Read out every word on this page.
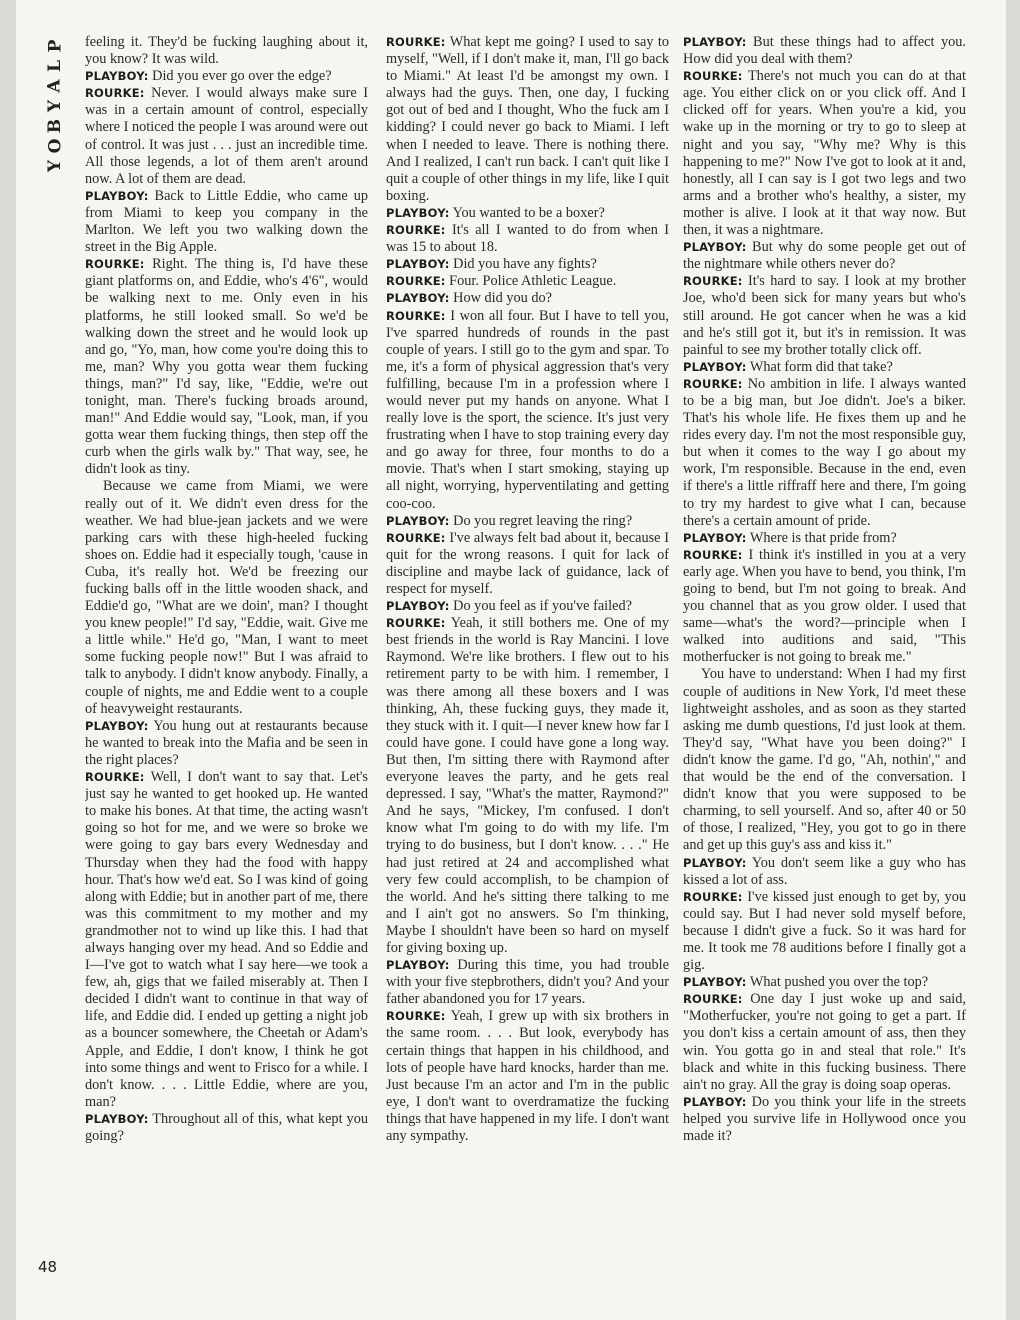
P
L
A
Y
B
O
Y

feeling it. They'd be fucking laughing about it, you know? It was wild.

PLAYBOY: Did you ever go over the edge?

ROURKE: Never. I would always make sure I was in a certain amount of control, especially where I noticed the people I was around were out of control. It was just . . . just an incredible time. All those legends, a lot of them aren't around now. A lot of them are dead.

PLAYBOY: Back to Little Eddie, who came up from Miami to keep you company in the Marlton. We left you two walking down the street in the Big Apple.

ROURKE: Right. The thing is, I'd have these giant platforms on, and Eddie, who's 4'6", would be walking next to me. Only even in his platforms, he still looked small. So we'd be walking down the street and he would look up and go, "Yo, man, how come you're doing this to me, man? Why you gotta wear them fucking things, man?" I'd say, like, "Eddie, we're out tonight, man. There's fucking broads around, man!" And Eddie would say, "Look, man, if you gotta wear them fucking things, then step off the curb when the girls walk by." That way, see, he didn't look as tiny.

Because we came from Miami, we were really out of it. We didn't even dress for the weather. We had blue-jean jackets and we were parking cars with these high-heeled fucking shoes on. Eddie had it especially tough, 'cause in Cuba, it's really hot. We'd be freezing our fucking balls off in the little wooden shack, and Eddie'd go, "What are we doin', man? I thought you knew people!" I'd say, "Eddie, wait. Give me a little while." He'd go, "Man, I want to meet some fucking people now!" But I was afraid to talk to anybody. I didn't know anybody. Finally, a couple of nights, me and Eddie went to a couple of heavyweight restaurants.

PLAYBOY: You hung out at restaurants because he wanted to break into the Mafia and be seen in the right places?

ROURKE: Well, I don't want to say that. Let's just say he wanted to get hooked up. He wanted to make his bones. At that time, the acting wasn't going so hot for me, and we were so broke we were going to gay bars every Wednesday and Thursday when they had the food with happy hour. That's how we'd eat. So I was kind of going along with Eddie; but in another part of me, there was this commitment to my mother and my grandmother not to wind up like this. I had that always hanging over my head. And so Eddie and I—I've got to watch what I say here—we took a few, ah, gigs that we failed miserably at. Then I decided I didn't want to continue in that way of life, and Eddie did. I ended up getting a night job as a bouncer somewhere, the Cheetah or Adam's Apple, and Eddie, I don't know, I think he got into some things and went to Frisco for a while. I don't know. . . . Little Eddie, where are you, man?

PLAYBOY: Throughout all of this, what kept you going?

ROURKE: What kept me going? I used to say to myself, "Well, if I don't make it, man, I'll go back to Miami." At least I'd be amongst my own. I always had the guys. Then, one day, I fucking got out of bed and I thought, Who the fuck am I kidding? I could never go back to Miami. I left when I needed to leave. There is nothing there. And I realized, I can't run back. I can't quit like I quit a couple of other things in my life, like I quit boxing.

PLAYBOY: You wanted to be a boxer?

ROURKE: It's all I wanted to do from when I was 15 to about 18.

PLAYBOY: Did you have any fights?

ROURKE: Four. Police Athletic League.

PLAYBOY: How did you do?

ROURKE: I won all four. But I have to tell you, I've sparred hundreds of rounds in the past couple of years. I still go to the gym and spar. To me, it's a form of physical aggression that's very fulfilling, because I'm in a profession where I would never put my hands on anyone. What I really love is the sport, the science. It's just very frustrating when I have to stop training every day and go away for three, four months to do a movie. That's when I start smoking, staying up all night, worrying, hyperventilating and getting coo-coo.

PLAYBOY: Do you regret leaving the ring?

ROURKE: I've always felt bad about it, because I quit for the wrong reasons. I quit for lack of discipline and maybe lack of guidance, lack of respect for myself.

PLAYBOY: Do you feel as if you've failed?

ROURKE: Yeah, it still bothers me. One of my best friends in the world is Ray Mancini. I love Raymond. We're like brothers. I flew out to his retirement party to be with him. I remember, I was there among all these boxers and I was thinking, Ah, these fucking guys, they made it, they stuck with it. I quit—I never knew how far I could have gone. I could have gone a long way. But then, I'm sitting there with Raymond after everyone leaves the party, and he gets real depressed. I say, "What's the matter, Raymond?" And he says, "Mickey, I'm confused. I don't know what I'm going to do with my life. I'm trying to do business, but I don't know. . . ." He had just retired at 24 and accomplished what very few could accomplish, to be champion of the world. And he's sitting there talking to me and I ain't got no answers. So I'm thinking, Maybe I shouldn't have been so hard on myself for giving boxing up.

PLAYBOY: During this time, you had trouble with your five stepbrothers, didn't you? And your father abandoned you for 17 years.

ROURKE: Yeah, I grew up with six brothers in the same room. . . . But look, everybody has certain things that happen in his childhood, and lots of people have hard knocks, harder than me. Just because I'm an actor and I'm in the public eye, I don't want to overdramatize the fucking things that have happened in my life. I don't want any sympathy.

PLAYBOY: But these things had to affect you. How did you deal with them?

ROURKE: There's not much you can do at that age. You either click on or you click off. And I clicked off for years. When you're a kid, you wake up in the morning or try to go to sleep at night and you say, "Why me? Why is this happening to me?" Now I've got to look at it and, honestly, all I can say is I got two legs and two arms and a brother who's healthy, a sister, my mother is alive. I look at it that way now. But then, it was a nightmare.

PLAYBOY: But why do some people get out of the nightmare while others never do?

ROURKE: It's hard to say. I look at my brother Joe, who'd been sick for many years but who's still around. He got cancer when he was a kid and he's still got it, but it's in remission. It was painful to see my brother totally click off.

PLAYBOY: What form did that take?

ROURKE: No ambition in life. I always wanted to be a big man, but Joe didn't. Joe's a biker. That's his whole life. He fixes them up and he rides every day. I'm not the most responsible guy, but when it comes to the way I go about my work, I'm responsible. Because in the end, even if there's a little riffraff here and there, I'm going to try my hardest to give what I can, because there's a certain amount of pride.

PLAYBOY: Where is that pride from?

ROURKE: I think it's instilled in you at a very early age. When you have to bend, you think, I'm going to bend, but I'm not going to break. And you channel that as you grow older. I used that same—what's the word?—principle when I walked into auditions and said, "This motherfucker is not going to break me."

You have to understand: When I had my first couple of auditions in New York, I'd meet these lightweight assholes, and as soon as they started asking me dumb questions, I'd just look at them. They'd say, "What have you been doing?" I didn't know the game. I'd go, "Ah, nothin'," and that would be the end of the conversation. I didn't know that you were supposed to be charming, to sell yourself. And so, after 40 or 50 of those, I realized, "Hey, you got to go in there and get up this guy's ass and kiss it."

PLAYBOY: You don't seem like a guy who has kissed a lot of ass.

ROURKE: I've kissed just enough to get by, you could say. But I had never sold myself before, because I didn't give a fuck. So it was hard for me. It took me 78 auditions before I finally got a gig.

PLAYBOY: What pushed you over the top?

ROURKE: One day I just woke up and said, "Motherfucker, you're not going to get a part. If you don't kiss a certain amount of ass, then they win. You gotta go in and steal that role." It's black and white in this fucking business. There ain't no gray. All the gray is doing soap operas.

PLAYBOY: Do you think your life in the streets helped you survive life in Hollywood once you made it?

48
